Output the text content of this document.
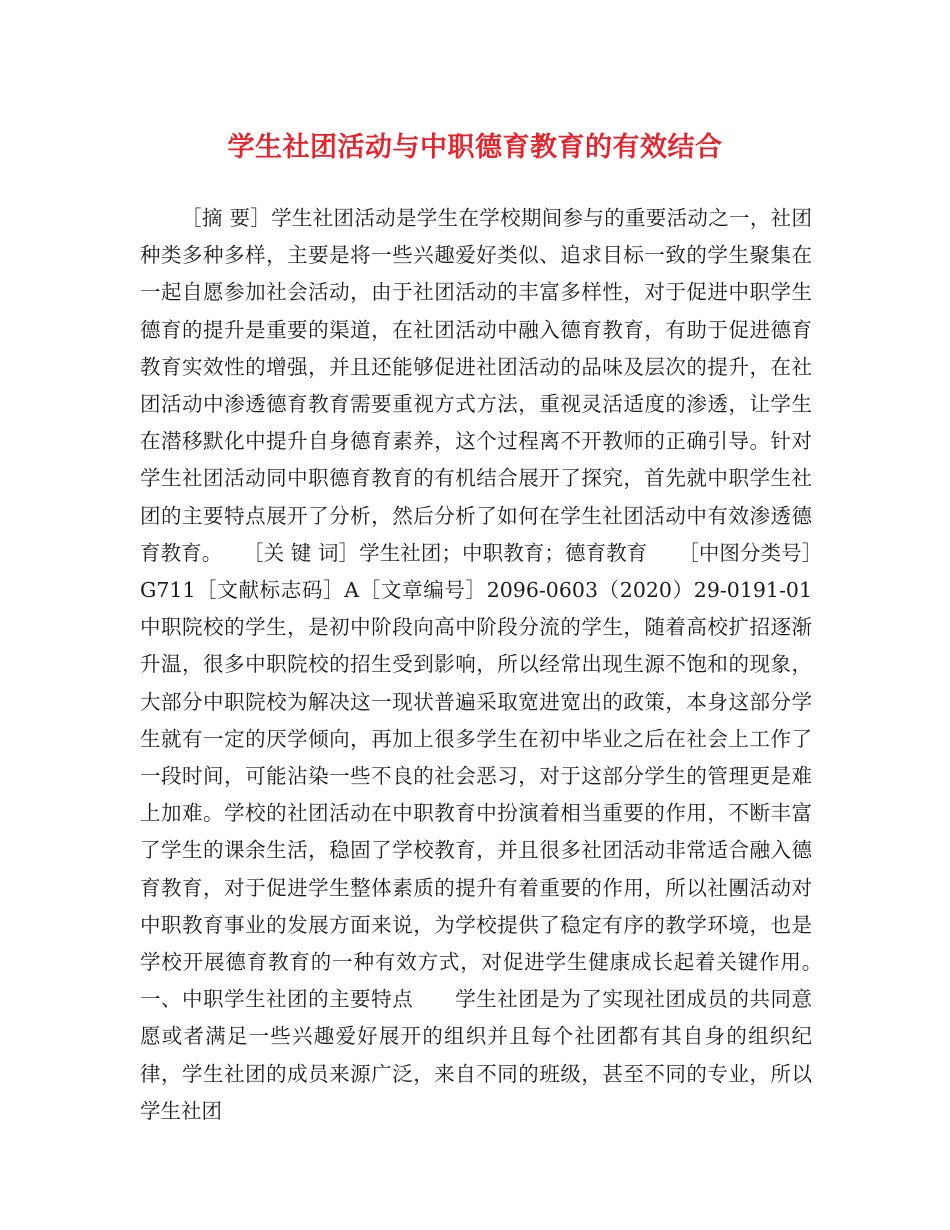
学生社团活动与中职德育教育的有效结合

［摘 要］学生社团活动是学生在学校期间参与的重要活动之一，社团种类多种多样，主要是将一些兴趣爱好类似、追求目标一致的学生聚集在一起自愿参加社会活动，由于社团活动的丰富多样性，对于促进中职学生德育的提升是重要的渠道，在社团活动中融入德育教育，有助于促进德育教育实效性的增强，并且还能够促进社团活动的品味及层次的提升，在社团活动中渗透德育教育需要重视方式方法，重视灵活适度的渗透，让学生在潜移默化中提升自身德育素养，这个过程离不开教师的正确引导。针对学生社团活动同中职德育教育的有机结合展开了探究，首先就中职学生社团的主要特点展开了分析，然后分析了如何在学生社团活动中有效渗透德育教育。　　［关 键 词］学生社团；中职教育；德育教育　　［中图分类号］G711［文献标志码］A［文章编号］2096-0603（2020）29-0191-01　　中职院校的学生，是初中阶段向高中阶段分流的学生，随着高校扩招逐渐升温，很多中职院校的招生受到影响，所以经常出现生源不饱和的现象，大部分中职院校为解决这一现状普遍采取宽进宽出的政策，本身这部分学生就有一定的厌学倾向，再加上很多学生在初中毕业之后在社会上工作了一段时间，可能沾染一些不良的社会恶习，对于这部分学生的管理更是难上加难。学校的社团活动在中职教育中扮演着相当重要的作用，不断丰富了学生的课余生活，稳固了学校教育，并且很多社团活动非常适合融入德育教育，对于促进学生整体素质的提升有着重要的作用，所以社團活动对中职教育事业的发展方面来说，为学校提供了稳定有序的教学环境，也是学校开展德育教育的一种有效方式，对促进学生健康成长起着关键作用。　　一、中职学生社团的主要特点　　学生社团是为了实现社团成员的共同意愿或者满足一些兴趣爱好展开的组织并且每个社团都有其自身的组织纪律，学生社团的成员来源广泛，来自不同的班级，甚至不同的专业，所以学生社团
